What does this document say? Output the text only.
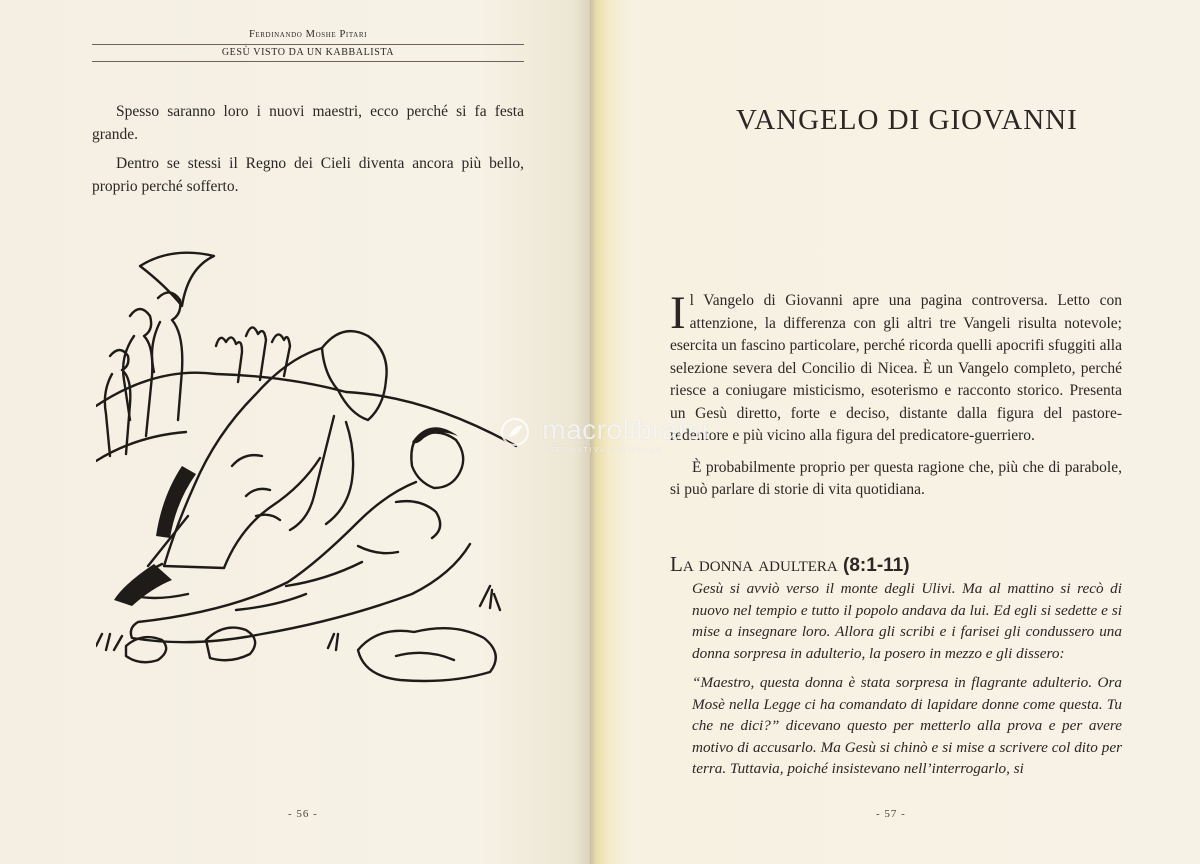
Ferdinando Moshe Pitari
GESÙ VISTO DA UN KABBALISTA

Spesso saranno loro i nuovi maestri, ecco perché si fa festa grande.

Dentro se stessi il Regno dei Cieli diventa ancora più bello, proprio perché sofferto.

- 56 -
VANGELO DI GIOVANNI

Il Vangelo di Giovanni apre una pagina controversa. Letto con attenzione, la differenza con gli altri tre Vangeli risulta notevole; esercita un fascino particolare, perché ricorda quelli apocrifi sfuggiti alla selezione severa del Concilio di Nicea. È un Vangelo completo, perché riesce a coniugare misticismo, esoterismo e racconto storico. Presenta un Gesù diretto, forte e deciso, distante dalla figura del pastore-redentore e più vicino alla figura del predicatore-guerriero.

È probabilmente proprio per questa ragione che, più che di parabole, si può parlare di storie di vita quotidiana.

La donna adultera (8:1-11)

Gesù si avviò verso il monte degli Ulivi. Ma al mattino si recò di nuovo nel tempio e tutto il popolo andava da lui. Ed egli si sedette e si mise a insegnare loro. Allora gli scribi e i farisei gli condussero una donna sorpresa in adulterio, la posero in mezzo e gli dissero:

“Maestro, questa donna è stata sorpresa in flagrante adulterio. Ora Mosè nella Legge ci ha comandato di lapidare donne come questa. Tu che ne dici?” dicevano questo per metterlo alla prova e per avere motivo di accusarlo. Ma Gesù si chinò e si mise a scrivere col dito per terra. Tuttavia, poiché insistevano nell’interrogarlo, si

- 57 -
macrolibrarsi
ALTERNATIVA NATURALE
